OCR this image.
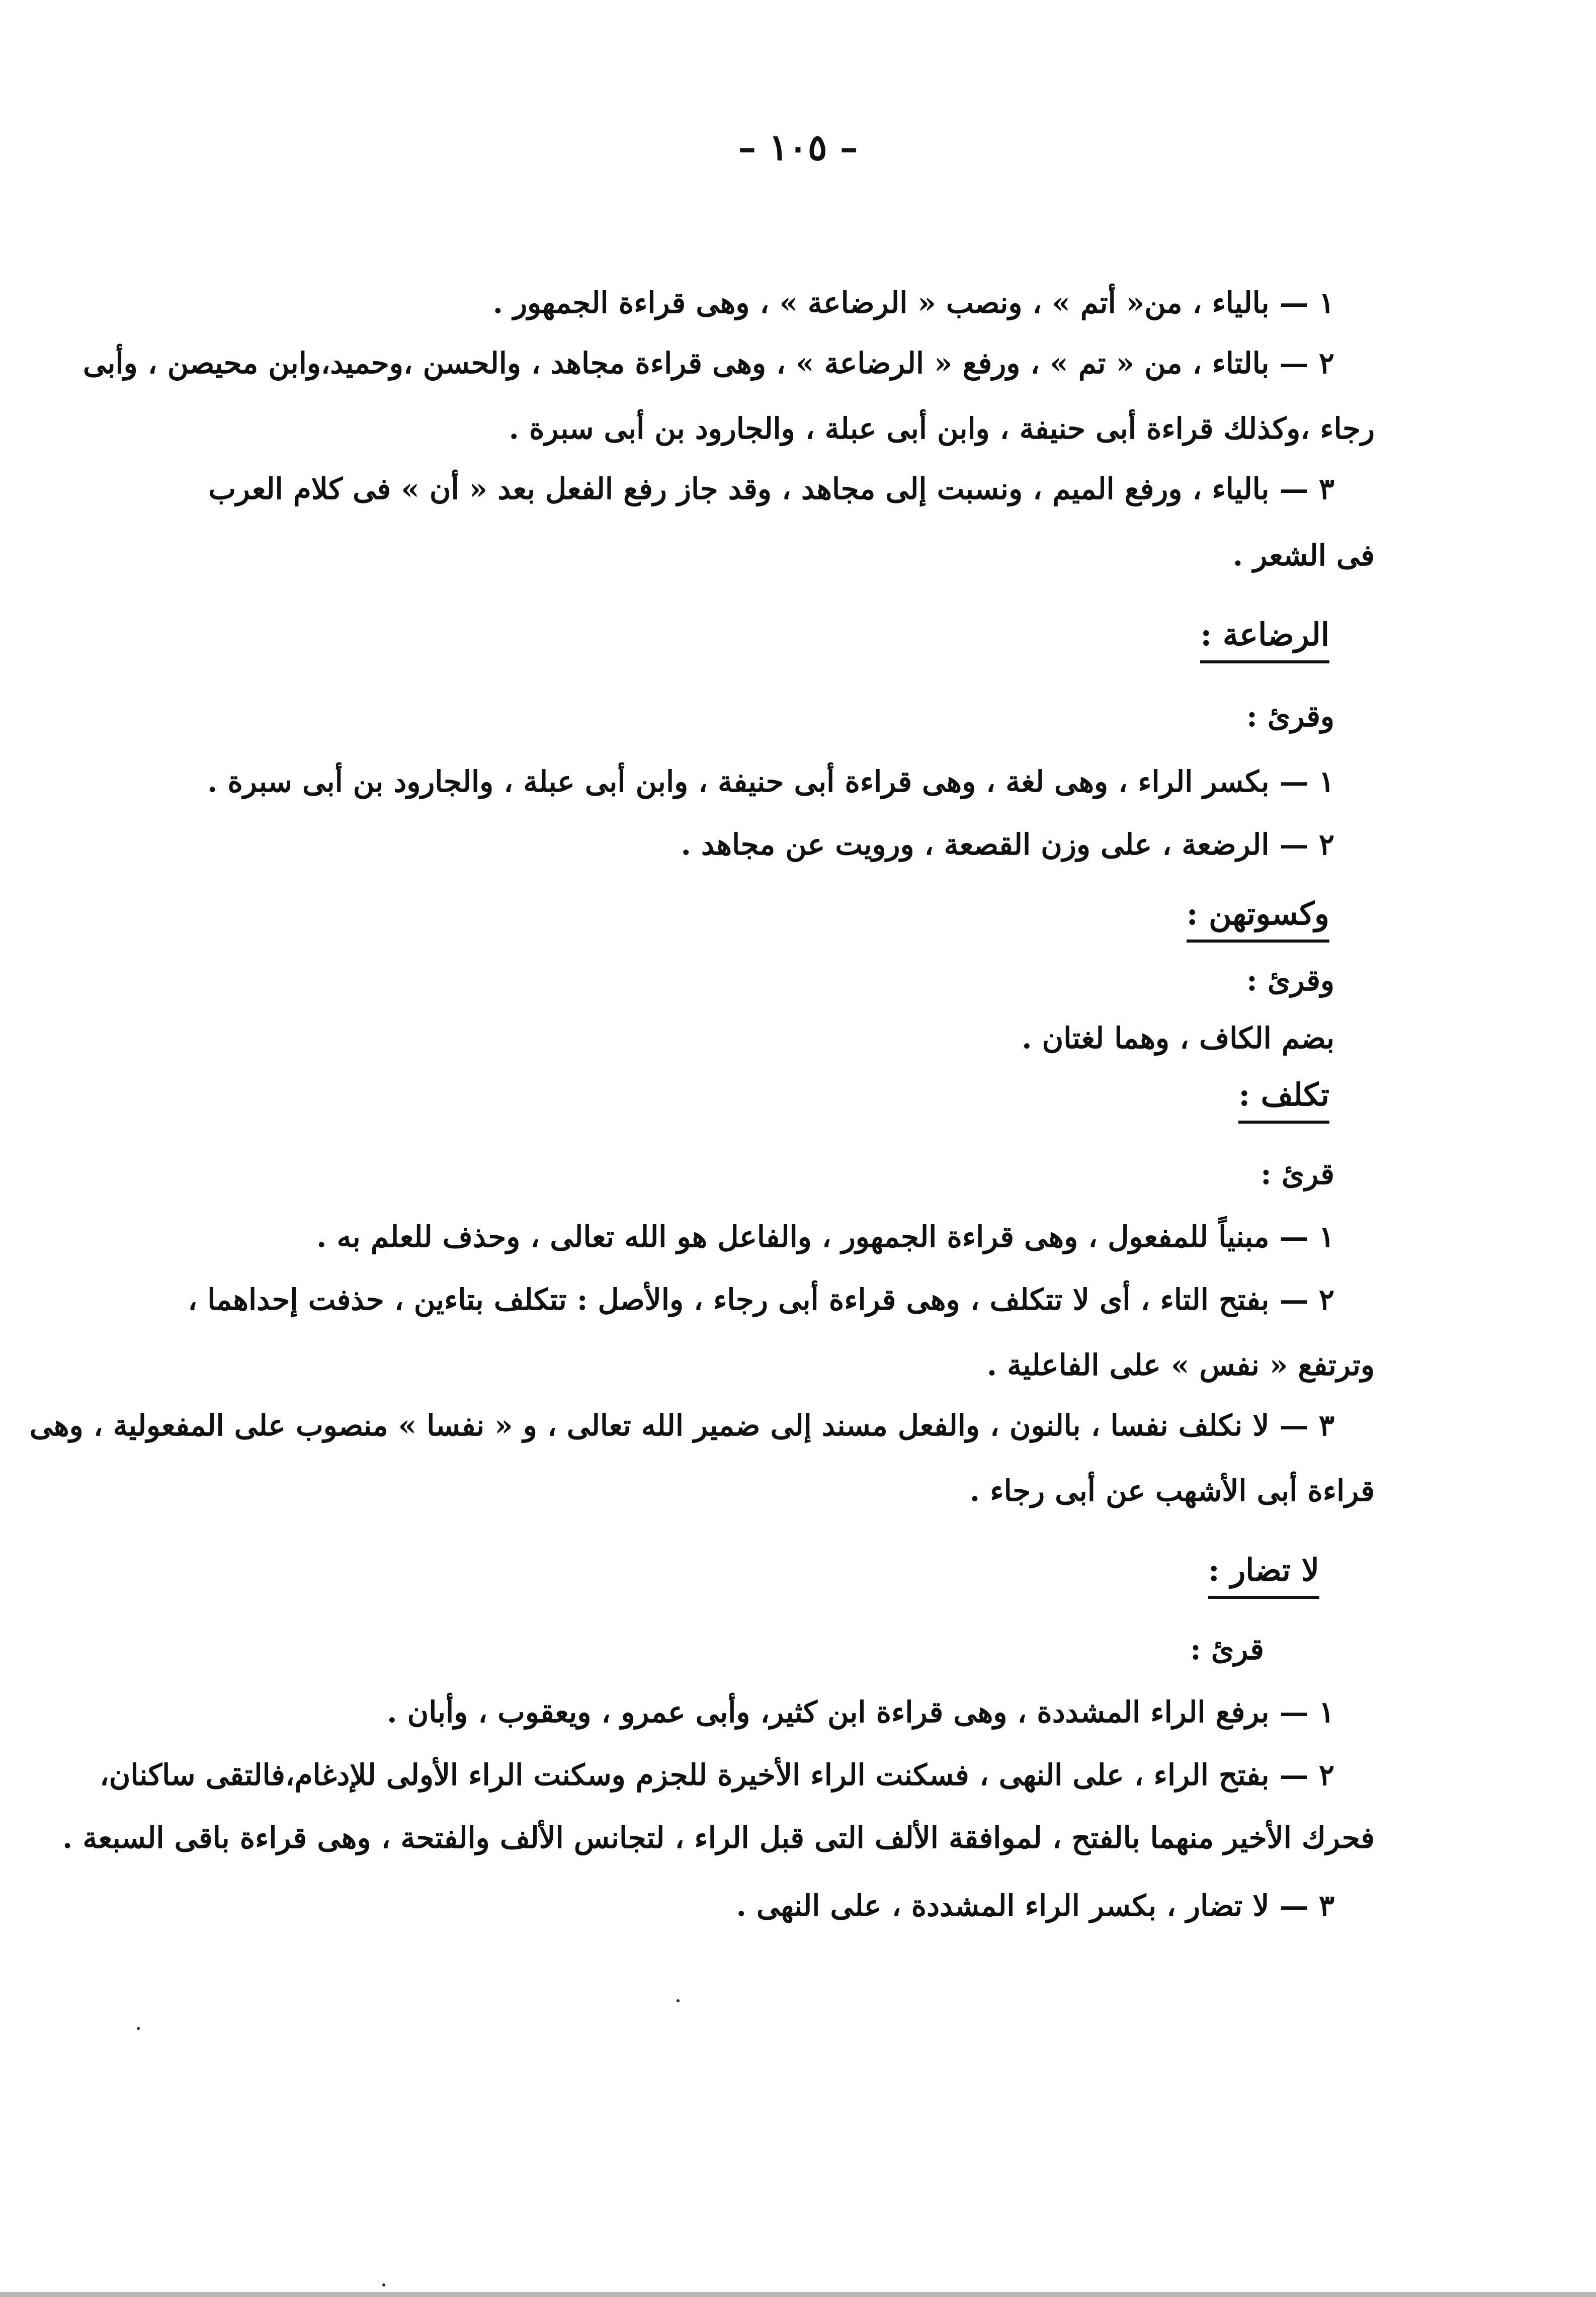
– ١٠٥ –
١ — بالياء ، من« أتم » ، ونصب « الرضاعة » ، وهى قراءة الجمهور .
٢ — بالتاء ، من « تم » ، ورفع « الرضاعة » ، وهى قراءة مجاهد ، والحسن ،وحميد،وابن محيصن ، وأبى
رجاء ،وكذلك قراءة أبى حنيفة ، وابن أبى عبلة ، والجارود بن أبى سبرة .
٣ — بالياء ، ورفع الميم ، ونسبت إلى مجاهد ، وقد جاز رفع الفعل بعد « أن » فى كلام العرب
فى الشعر .
الرضاعة :
وقرئ :
١ — بكسر الراء ، وهى لغة ، وهى قراءة أبى حنيفة ، وابن أبى عبلة ، والجارود بن أبى سبرة .
٢ — الرضعة ، على وزن القصعة ، ورويت عن مجاهد .
وكسوتهن :
وقرئ :
بضم الكاف ، وهما لغتان .
تكلف :
قرئ :
١ — مبنياً للمفعول ، وهى قراءة الجمهور ، والفاعل هو الله تعالى ، وحذف للعلم به .
٢ — بفتح التاء ، أى لا تتكلف ، وهى قراءة أبى رجاء ، والأصل : تتكلف بتاءين ، حذفت إحداهما ،
وترتفع « نفس » على الفاعلية .
٣ — لا نكلف نفسا ، بالنون ، والفعل مسند إلى ضمير الله تعالى ، و « نفسا » منصوب على المفعولية ، وهى
قراءة أبى الأشهب عن أبى رجاء .
لا تضار :
قرئ :
١ — برفع الراء المشددة ، وهى قراءة ابن كثير، وأبى عمرو ، ويعقوب ، وأبان .
٢ — بفتح الراء ، على النهى ، فسكنت الراء الأخيرة للجزم وسكنت الراء الأولى للإدغام،فالتقى ساكنان،
فحرك الأخير منهما بالفتح ، لموافقة الألف التى قبل الراء ، لتجانس الألف والفتحة ، وهى قراءة باقى السبعة .
٣ — لا تضار ، بكسر الراء المشددة ، على النهى .
